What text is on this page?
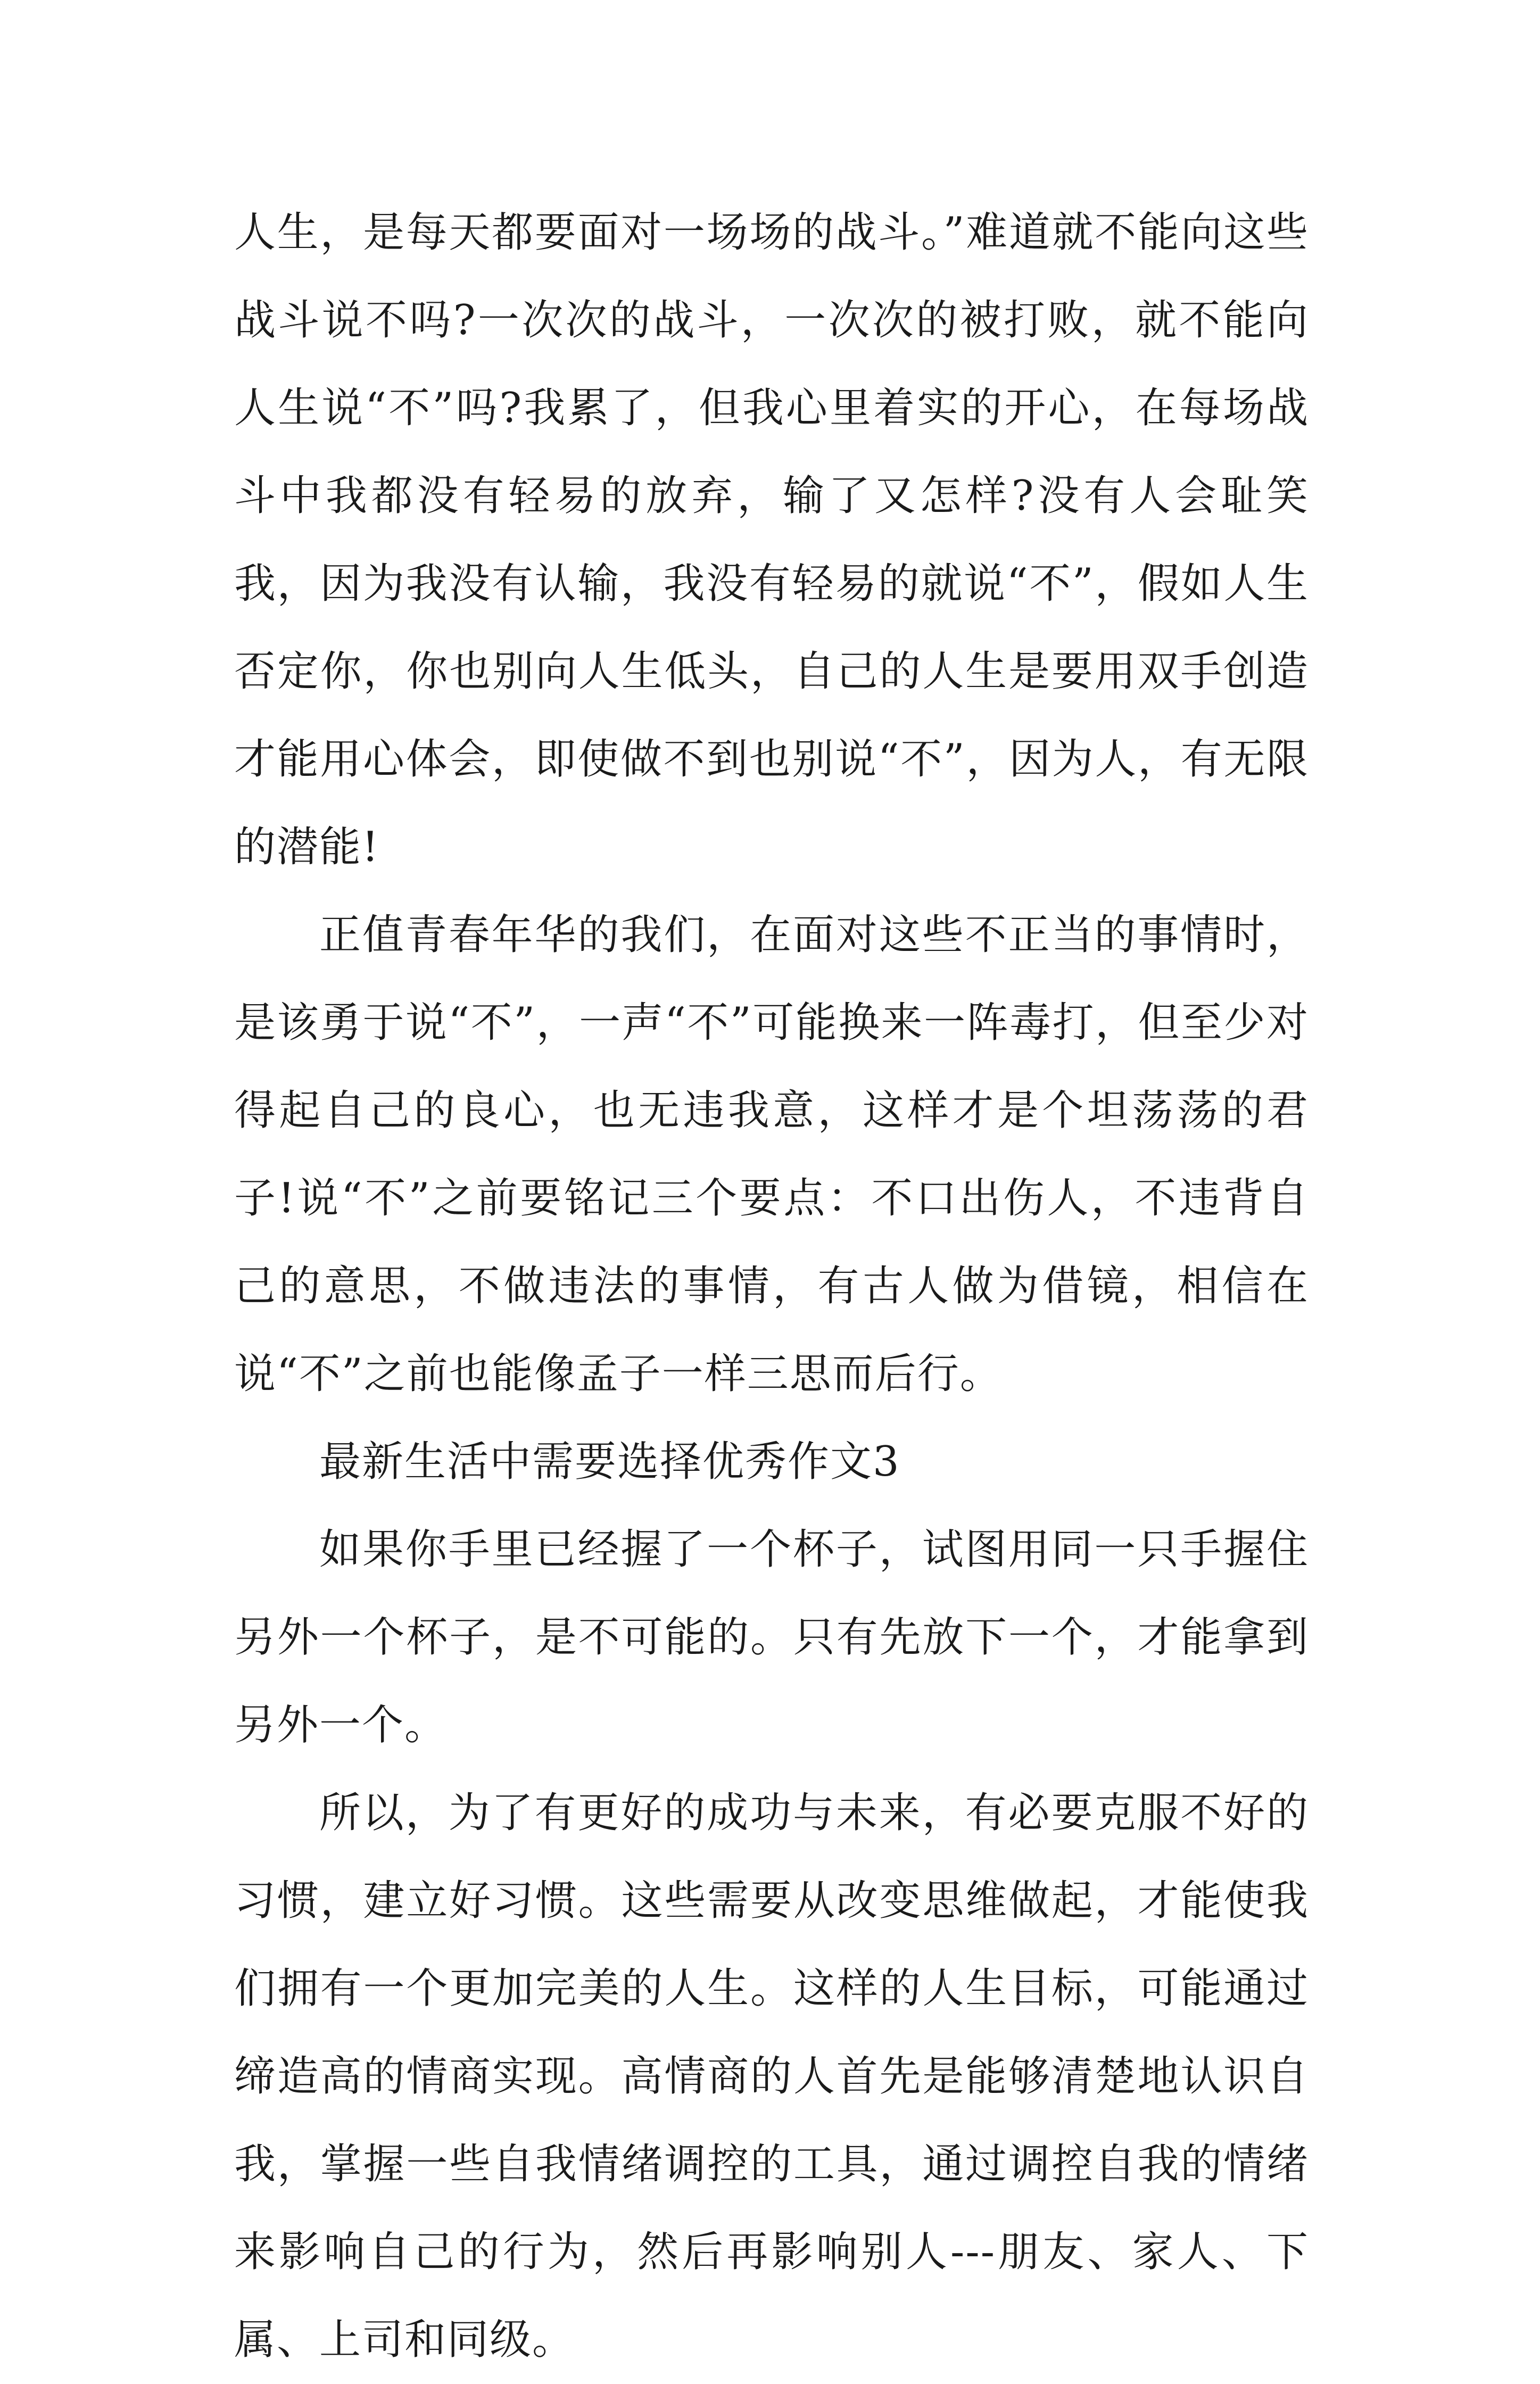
人生，是每天都要面对一场场的战斗。”难道就不能向这些战斗说不吗?一次次的战斗，一次次的被打败，就不能向人生说“不”吗?我累了，但我心里着实的开心，在每场战斗中我都没有轻易的放弃，输了又怎样?没有人会耻笑我，因为我没有认输，我没有轻易的就说“不”，假如人生否定你，你也别向人生低头，自己的人生是要用双手创造才能用心体会，即使做不到也别说“不”，因为人，有无限的潜能!

正值青春年华的我们，在面对这些不正当的事情时，是该勇于说“不”，一声“不”可能换来一阵毒打，但至少对得起自己的良心，也无违我意，这样才是个坦荡荡的君子!说“不”之前要铭记三个要点：不口出伤人，不违背自己的意思，不做违法的事情，有古人做为借镜，相信在说“不”之前也能像孟子一样三思而后行。

最新生活中需要选择优秀作文3

如果你手里已经握了一个杯子，试图用同一只手握住另外一个杯子，是不可能的。只有先放下一个，才能拿到另外一个。

所以，为了有更好的成功与未来，有必要克服不好的习惯，建立好习惯。这些需要从改变思维做起，才能使我们拥有一个更加完美的人生。这样的人生目标，可能通过缔造高的情商实现。高情商的人首先是能够清楚地认识自我，掌握一些自我情绪调控的工具，通过调控自我的情绪来影响自己的行为，然后再影响别人---朋友、家人、下属、上司和同级。
